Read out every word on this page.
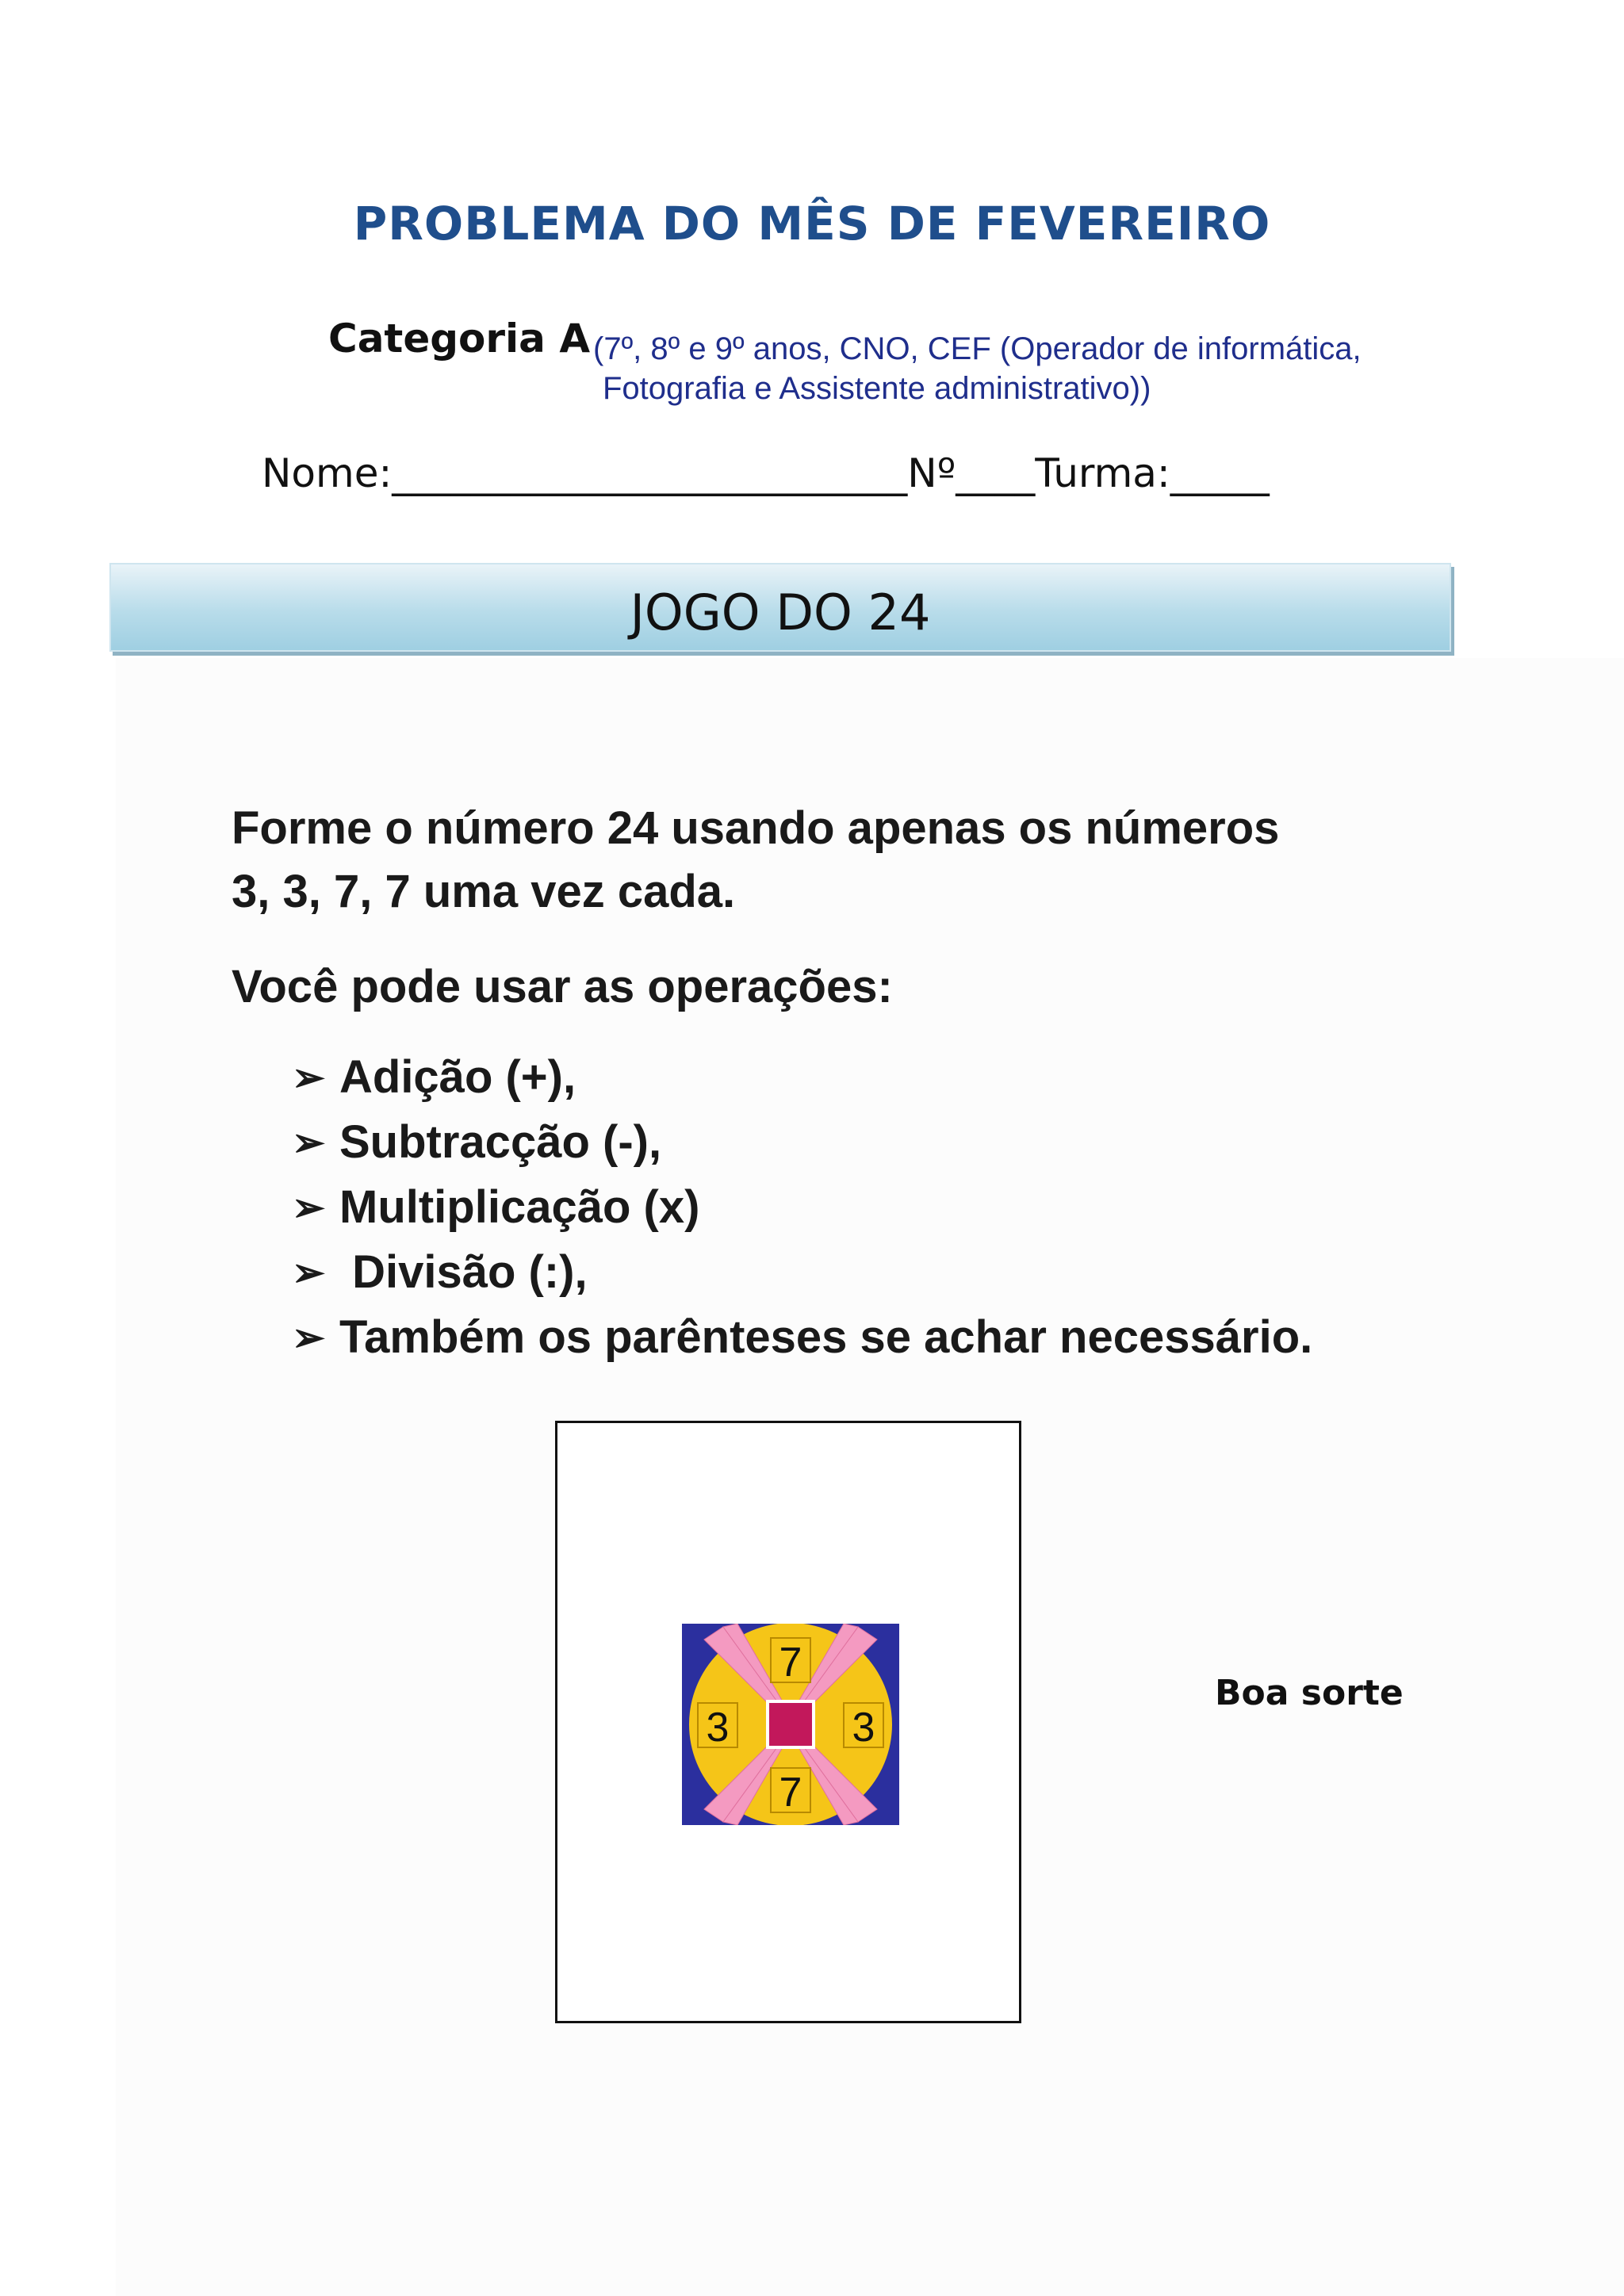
PROBLEMA DO MÊS DE FEVEREIRO
Categoria A (7º, 8º e 9º anos, CNO, CEF (Operador de informática,
Fotografia e Assistente administrativo))
Nome:__________________________Nº____Turma:_____
JOGO DO 24
Forme o número 24 usando apenas os números
3, 3, 7, 7 uma vez cada.
Você pode usar as operações:
➢ Adição (+),
➢ Subtracção (-),
➢ Multiplicação (x)
➢ Divisão (:),
➢ Também os parênteses se achar necessário.
7
7
3	3
Boa sorte
